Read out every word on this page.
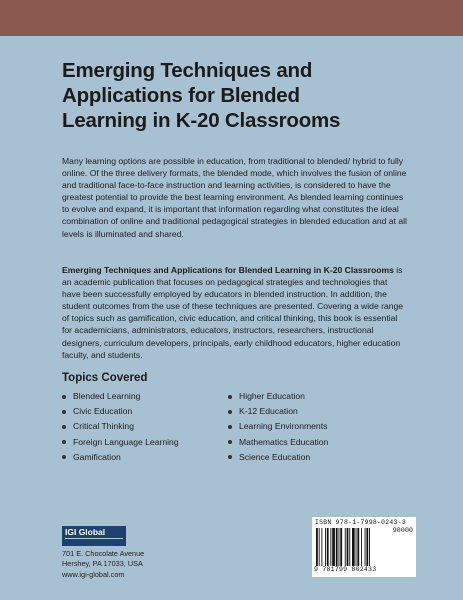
Emerging Techniques and
Applications for Blended
Learning in K-20 Classrooms

Many learning options are possible in education, from traditional to blended/ hybrid to fully online. Of the three delivery formats, the blended mode, which involves the fusion of online and traditional face-to-face instruction and learning activities, is considered to have the greatest potential to provide the best learning environment. As blended learning continues to evolve and expand, it is important that information regarding what constitutes the ideal combination of online and traditional pedagogical strategies in blended education and at all levels is illuminated and shared.

Emerging Techniques and Applications for Blended Learning in K-20 Classrooms is an academic publication that focuses on pedagogical strategies and technologies that have been successfully employed by educators in blended instruction. In addition, the student outcomes from the use of these techniques are presented. Covering a wide range of topics such as gamification, civic education, and critical thinking, this book is essential for academicians, administrators, educators, instructors, researchers, instructional designers, curriculum developers, principals, early childhood educators, higher education faculty, and students.

Topics Covered
Blended Learning
Civic Education
Critical Thinking
Foreign Language Learning
Gamification
Higher Education
K-12 Education
Learning Environments
Mathematics Education
Science Education
IGI Global

701 E. Chocolate Avenue
Hershey, PA 17033, USA
www.igi-global.com

ISBN 978-1-7998-0243-3
90000
9 781799 802433
